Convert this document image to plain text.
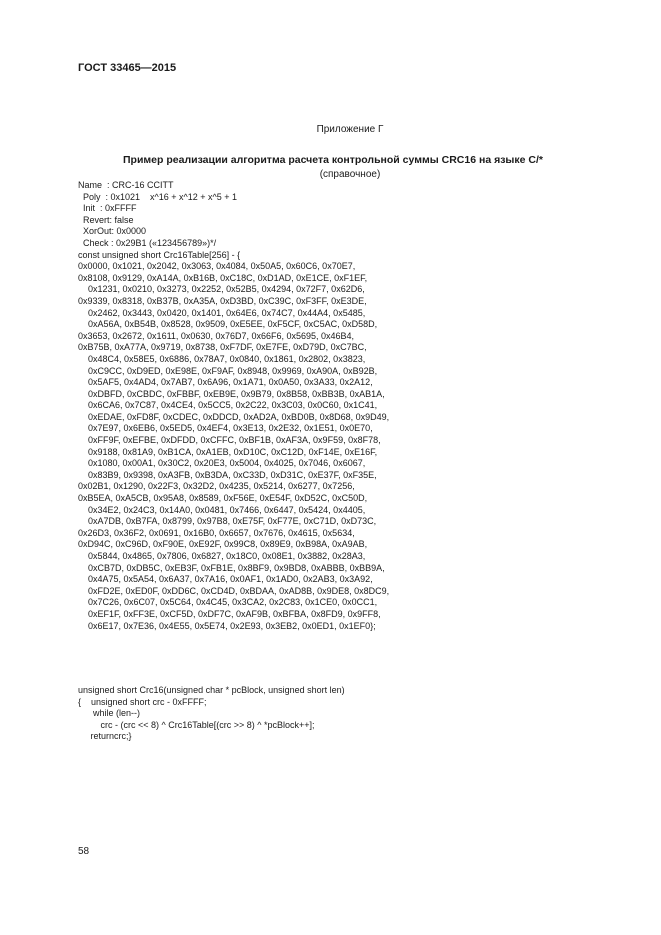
ГОСТ 33465—2015

Приложение Г

(справочное)

Пример реализации алгоритма расчета контрольной суммы CRC16 на языке С/*
Name  : CRC-16 CCITT
Poly  : 0x1021    x^16 + x^12 + x^5 + 1
Init  : 0xFFFF
Revert: false
XorOut: 0x0000
Check : 0x29B1 («123456789»)*/
const unsigned short Crc16Table[256] - {
0x0000, 0x1021, 0x2042, 0x3063, 0x4084, 0x50A5, 0x60C6, 0x70E7,
0x8108, 0x9129, 0xA14A, 0xB16B, 0xC18C, 0xD1AD, 0xE1CE, 0xF1EF,
0x1231, 0x0210, 0x3273, 0x2252, 0x52B5, 0x4294, 0x72F7, 0x62D6,
0x9339, 0x8318, 0xB37B, 0xA35A, 0xD3BD, 0xC39C, 0xF3FF, 0xE3DE,
0x2462, 0x3443, 0x0420, 0x1401, 0x64E6, 0x74C7, 0x44A4, 0x5485,
0xA56A, 0xB54B, 0x8528, 0x9509, 0xE5EE, 0xF5CF, 0xC5AC, 0xD58D,
0x3653, 0x2672, 0x1611, 0x0630, 0x76D7, 0x66F6, 0x5695, 0x46B4,
0xB75B, 0xA77A, 0x9719, 0x8738, 0xF7DF, 0xE7FE, 0xD79D, 0xC7BC,
0x48C4, 0x58E5, 0x6886, 0x78A7, 0x0840, 0x1861, 0x2802, 0x3823,
0xC9CC, 0xD9ED, 0xE98E, 0xF9AF, 0x8948, 0x9969, 0xA90A, 0xB92B,
0x5AF5, 0x4AD4, 0x7AB7, 0x6A96, 0x1A71, 0x0A50, 0x3A33, 0x2A12,
0xDBFD, 0xCBDC, 0xFBBF, 0xEB9E, 0x9B79, 0x8B58, 0xBB3B, 0xAB1A,
0x6CA6, 0x7C87, 0x4CE4, 0x5CC5, 0x2C22, 0x3C03, 0x0C60, 0x1C41,
0xEDAE, 0xFD8F, 0xCDEC, 0xDDCD, 0xAD2A, 0xBD0B, 0x8D68, 0x9D49,
0x7E97, 0x6EB6, 0x5ED5, 0x4EF4, 0x3E13, 0x2E32, 0x1E51, 0x0E70,
0xFF9F, 0xEFBE, 0xDFDD, 0xCFFC, 0xBF1B, 0xAF3A, 0x9F59, 0x8F78,
0x9188, 0x81A9, 0xB1CA, 0xA1EB, 0xD10C, 0xC12D, 0xF14E, 0xE16F,
0x1080, 0x00A1, 0x30C2, 0x20E3, 0x5004, 0x4025, 0x7046, 0x6067,
0x83B9, 0x9398, 0xA3FB, 0xB3DA, 0xC33D, 0xD31C, 0xE37F, 0xF35E,
0x02B1, 0x1290, 0x22F3, 0x32D2, 0x4235, 0x5214, 0x6277, 0x7256,
0xB5EA, 0xA5CB, 0x95A8, 0x8589, 0xF56E, 0xE54F, 0xD52C, 0xC50D,
0x34E2, 0x24C3, 0x14A0, 0x0481, 0x7466, 0x6447, 0x5424, 0x4405,
0xA7DB, 0xB7FA, 0x8799, 0x97B8, 0xE75F, 0xF77E, 0xC71D, 0xD73C,
0x26D3, 0x36F2, 0x0691, 0x16B0, 0x6657, 0x7676, 0x4615, 0x5634,
0xD94C, 0xC96D, 0xF90E, 0xE92F, 0x99C8, 0x89E9, 0xB98A, 0xA9AB,
0x5844, 0x4865, 0x7806, 0x6827, 0x18C0, 0x08E1, 0x3882, 0x28A3,
0xCB7D, 0xDB5C, 0xEB3F, 0xFB1E, 0x8BF9, 0x9BD8, 0xABBB, 0xBB9A,
0x4A75, 0x5A54, 0x6A37, 0x7A16, 0x0AF1, 0x1AD0, 0x2AB3, 0x3A92,
0xFD2E, 0xED0F, 0xDD6C, 0xCD4D, 0xBDAA, 0xAD8B, 0x9DE8, 0x8DC9,
0x7C26, 0x6C07, 0x5C64, 0x4C45, 0x3CA2, 0x2C83, 0x1CE0, 0x0CC1,
0xEF1F, 0xFF3E, 0xCF5D, 0xDF7C, 0xAF9B, 0xBFBA, 0x8FD9, 0x9FF8,
0x6E17, 0x7E36, 0x4E55, 0x5E74, 0x2E93, 0x3EB2, 0x0ED1, 0x1EF0};
unsigned short Crc16(unsigned char * pcBlock, unsigned short len)
{    unsigned short crc - 0xFFFF;
while (len--)
crc - (crc << 8) ^ Crc16Table[(crc >> 8) ^ *pcBlock++];
returncrc;}
58
